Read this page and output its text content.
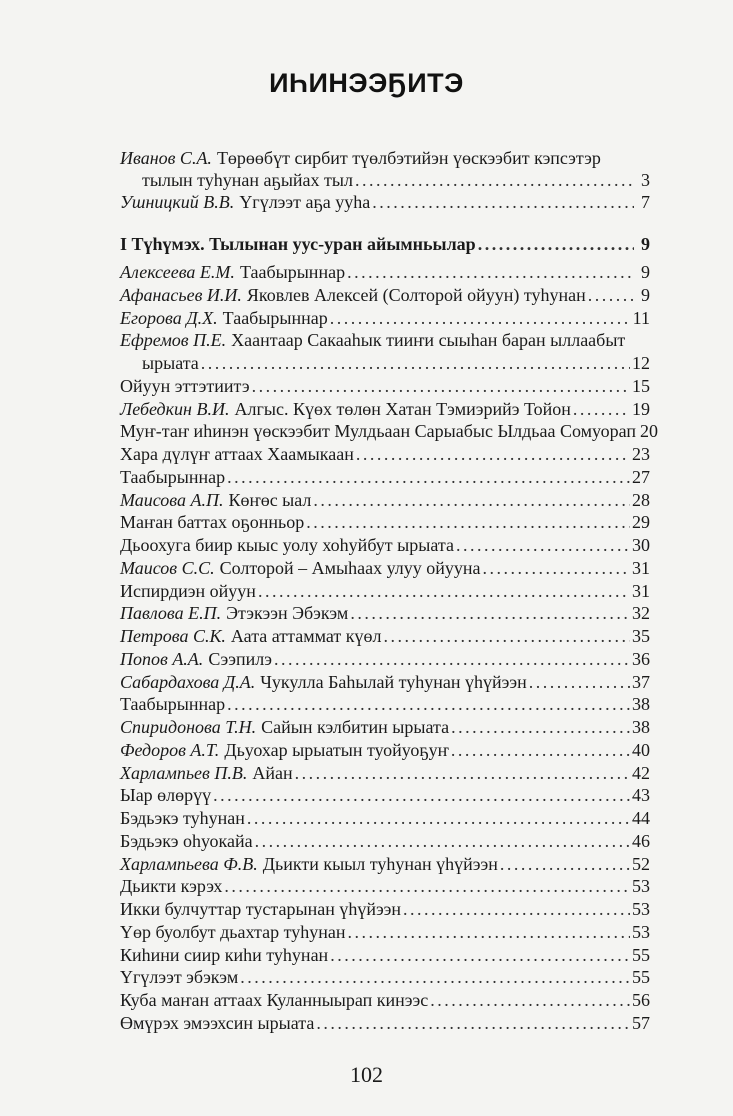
ИҺИНЭЭҔИТЭ
Иванов С.А. Төрөөбүт сирбит түөлбэтийэн үөскээбит кэпсэтэр
тылын туһунан аҕыйах тыл . . .	3
Ушницкий В.В. Үгүлээт аҕа ууһа . . .	7
I Түһүмэх. Тылынан уус-уран айымньылар . . .	9
Алексеева Е.М. Таабырыннар . . .	9
Афанасьев И.И. Яковлев Алексей (Солторой ойуун) туһунан . . .	9
Егорова Д.Х. Таабырыннар . . .	11
Ефремов П.Е. Хаантаар Сакааһык тииҥи сыыһан баран ыллаабыт
ырыата . . .	12
Ойуун эттэтиитэ . . .	15
Лебедкин В.И. Алгыс. Күөх төлөн Хатан Тэмиэрийэ Тойон . . .	19
Муҥ-таҥ иһинэн үөскээбит Мулдьаан Сарыабыс Ылдьаа Сомуорап 20
Хара дүлүҥ аттаах Хаамыкаан . . .	23
Таабырыннар . . .	27
Маисова А.П. Көҥөс ыал . . .	28
Маҥан баттах оҕонньор . . .	29
Дьоохуга биир кыыс уолу хоһуйбут ырыата . . .	30
Маисов С.С. Солторой – Амыһаах улуу ойууна . . .	31
Испирдиэн ойуун . . .	31
Павлова Е.П. Этэкээн Эбэкэм . . .	32
Петрова С.К. Аата аттаммат күөл . . .	35
Попов А.А. Сээпилэ . . .	36
Сабардахова Д.А. Чукулла Баһылай туһунан үһүйээн . . .	37
Таабырыннар . . .	38
Спиридонова Т.Н. Сайын кэлбитин ырыата . . .	38
Федоров А.Т. Дьуохар ырыатын туойуоҕуҥ . . .	40
Харлампьев П.В. Айан . . .	42
Ыар өлөрүү . . .	43
Бэдьэкэ туһунан . . .	44
Бэдьэкэ оһуокайа . . .	46
Харлампьева Ф.В. Дьикти кыыл туһунан үһүйээн . . .	52
Дьикти кэрэх . . .	53
Икки булчуттар тустарынан үһүйээн . . .	53
Үөр буолбут дьахтар туһунан . . .	53
Киһини сиир киһи туһунан . . .	55
Үгүлээт эбэкэм . . .	55
Куба маҥан аттаах Куланныырап кинээс . . .	56
Өмүрэх эмээхсин ырыата . . .	57
102
